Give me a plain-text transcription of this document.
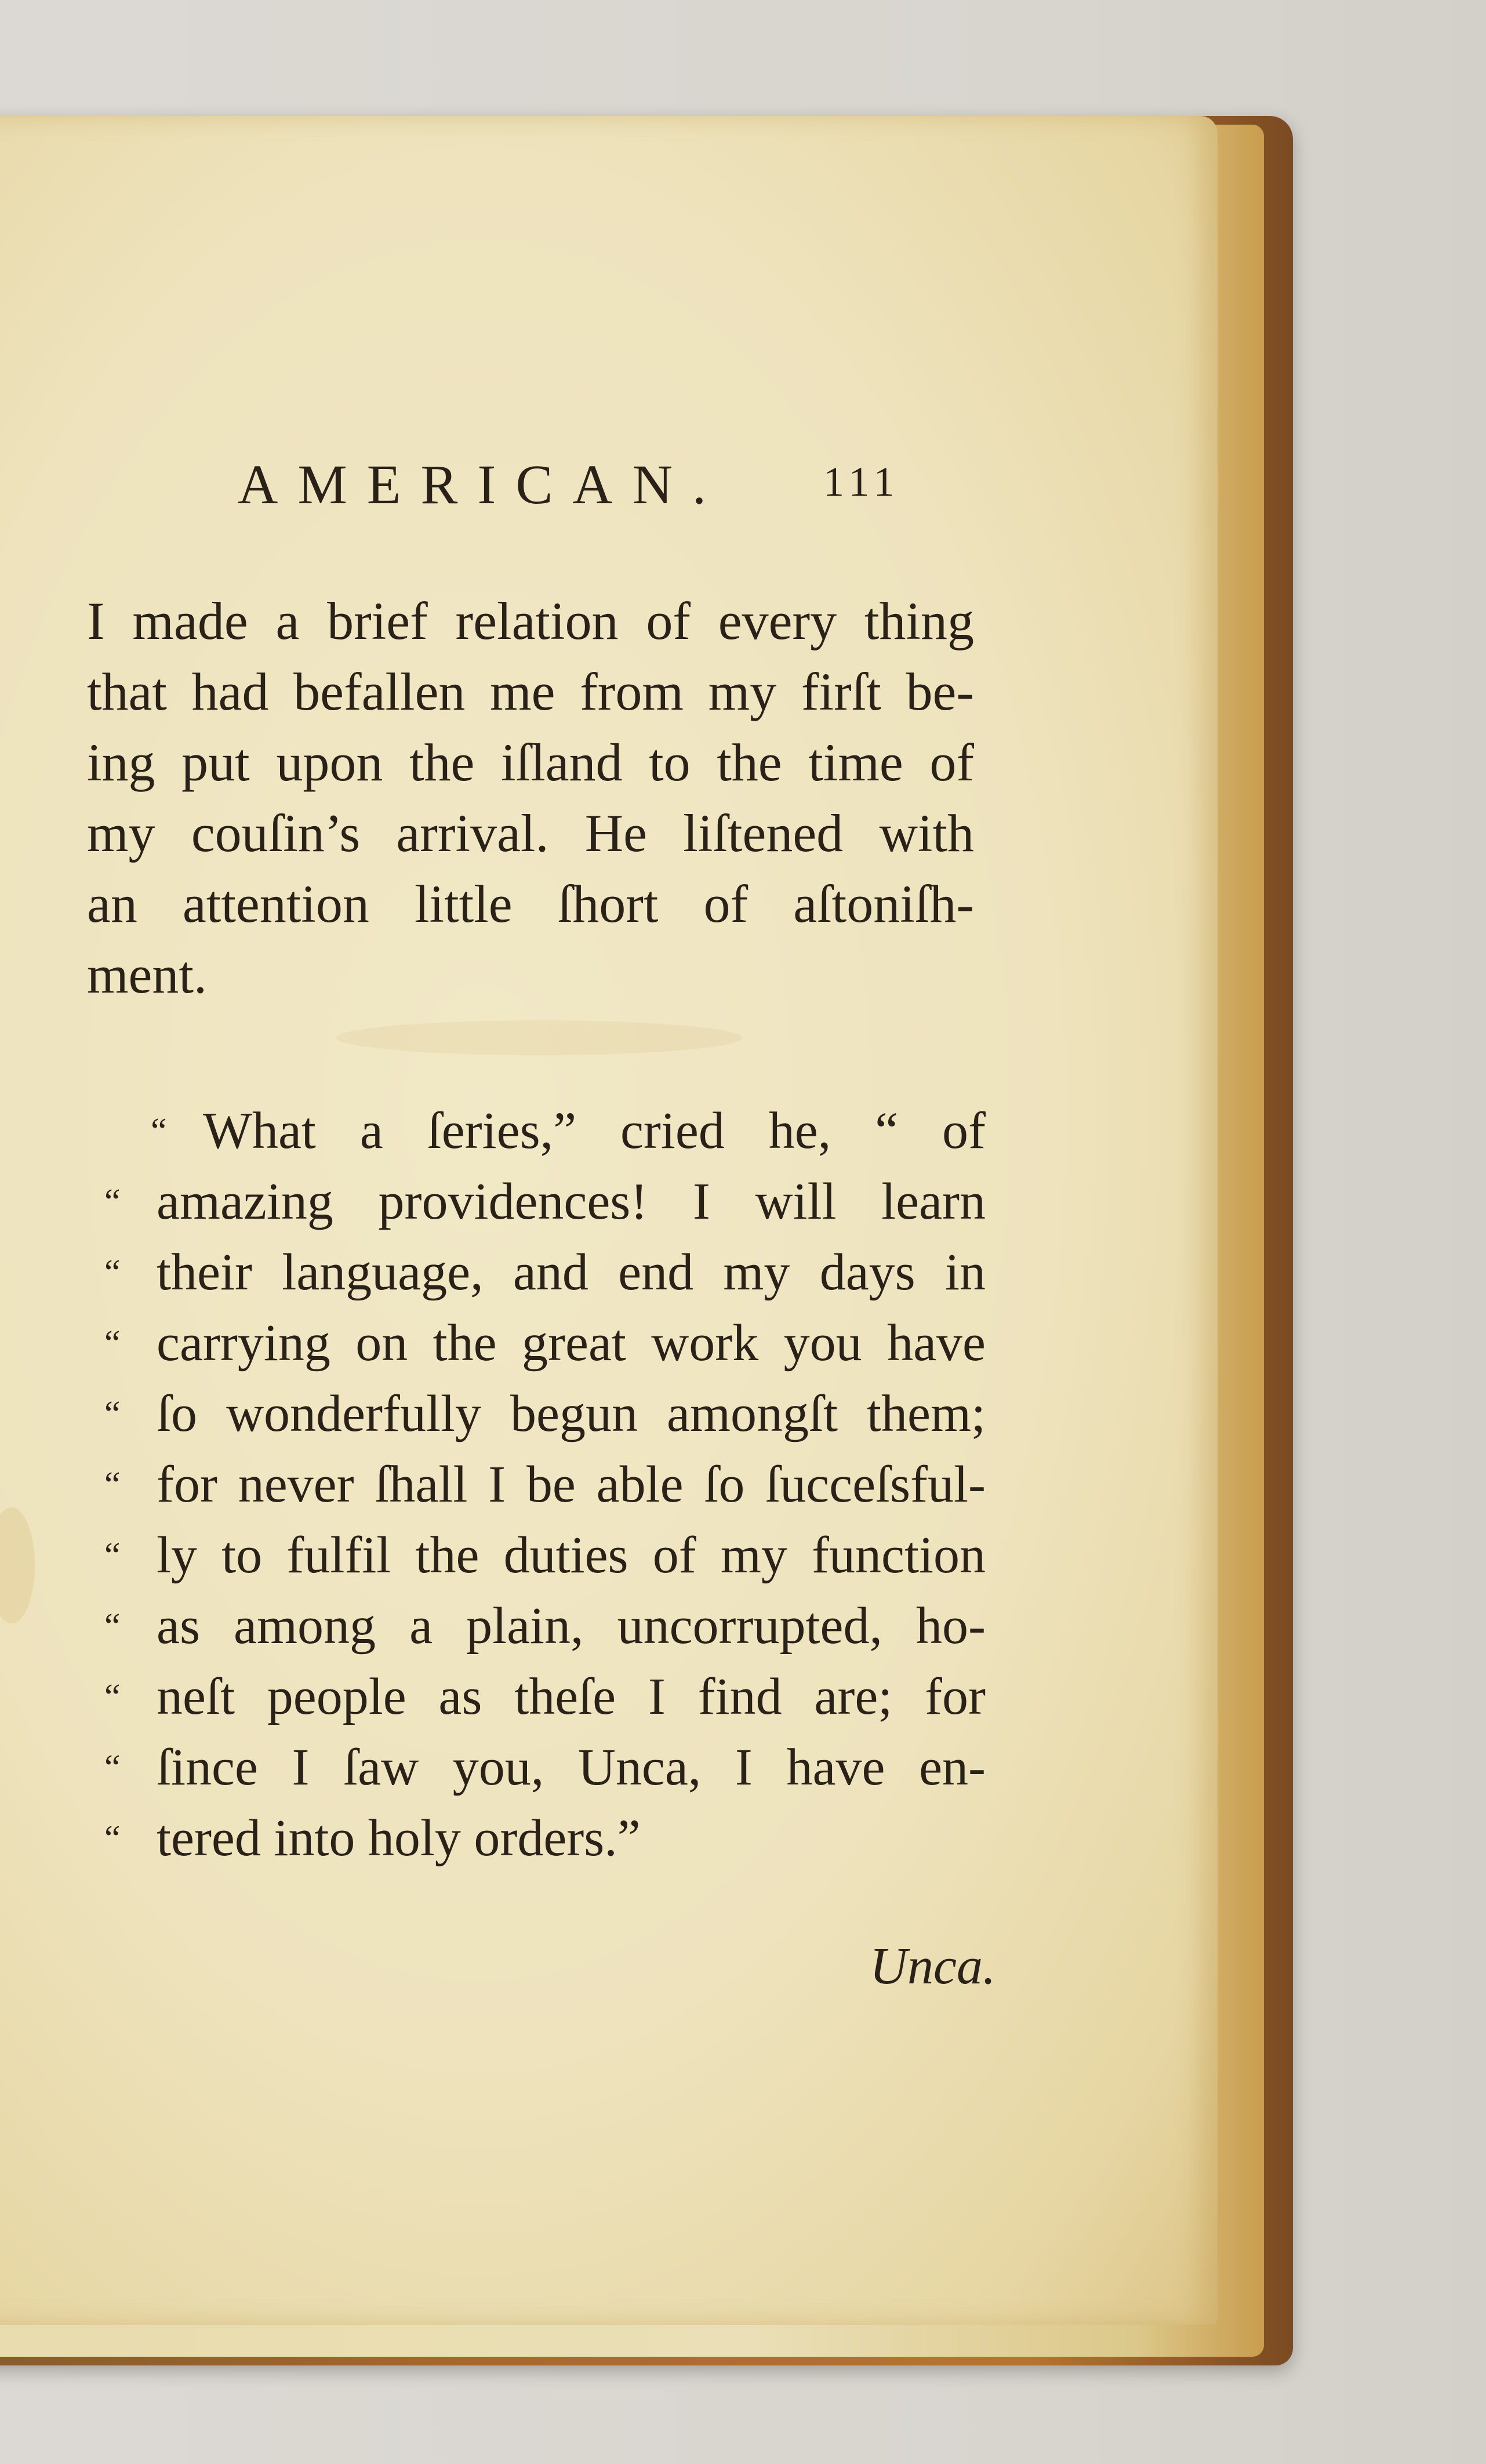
AMERICAN. 111

I made a brief relation of every thing
that had befallen me from my firſt be-
ing put upon the iſland to the time of
my couſin’s arrival. He liſtened with
an attention little ſhort of aſtoniſh-
ment.

“ What a ſeries,” cried he, “ of
“ amazing providences! I will learn
“ their language, and end my days in
“ carrying on the great work you have
“ ſo wonderfully begun amongſt them;
“ for never ſhall I be able ſo ſucceſsful-
“ ly to fulfil the duties of my function
“ as among a plain, uncorrupted, ho-
“ neſt people as theſe I find are; for
“ ſince I ſaw you, Unca, I have en-
“ tered into holy orders.”
Unca.
